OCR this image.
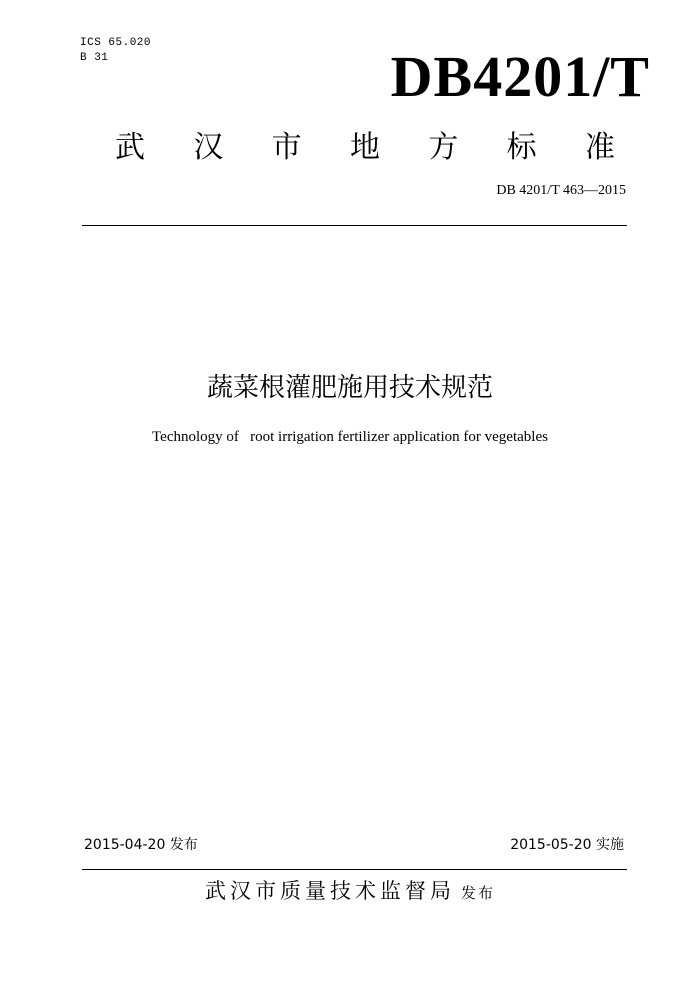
ICS 65.020
B 31	DB4201/T
武 汉 市 地 方 标 准
DB 4201/T 463—2015
蔬菜根灌肥施用技术规范
Technology of   root irrigation fertilizer application for vegetables
2015-04-20 发布	2015-05-20 实施
武汉市质量技术监督局 发布
